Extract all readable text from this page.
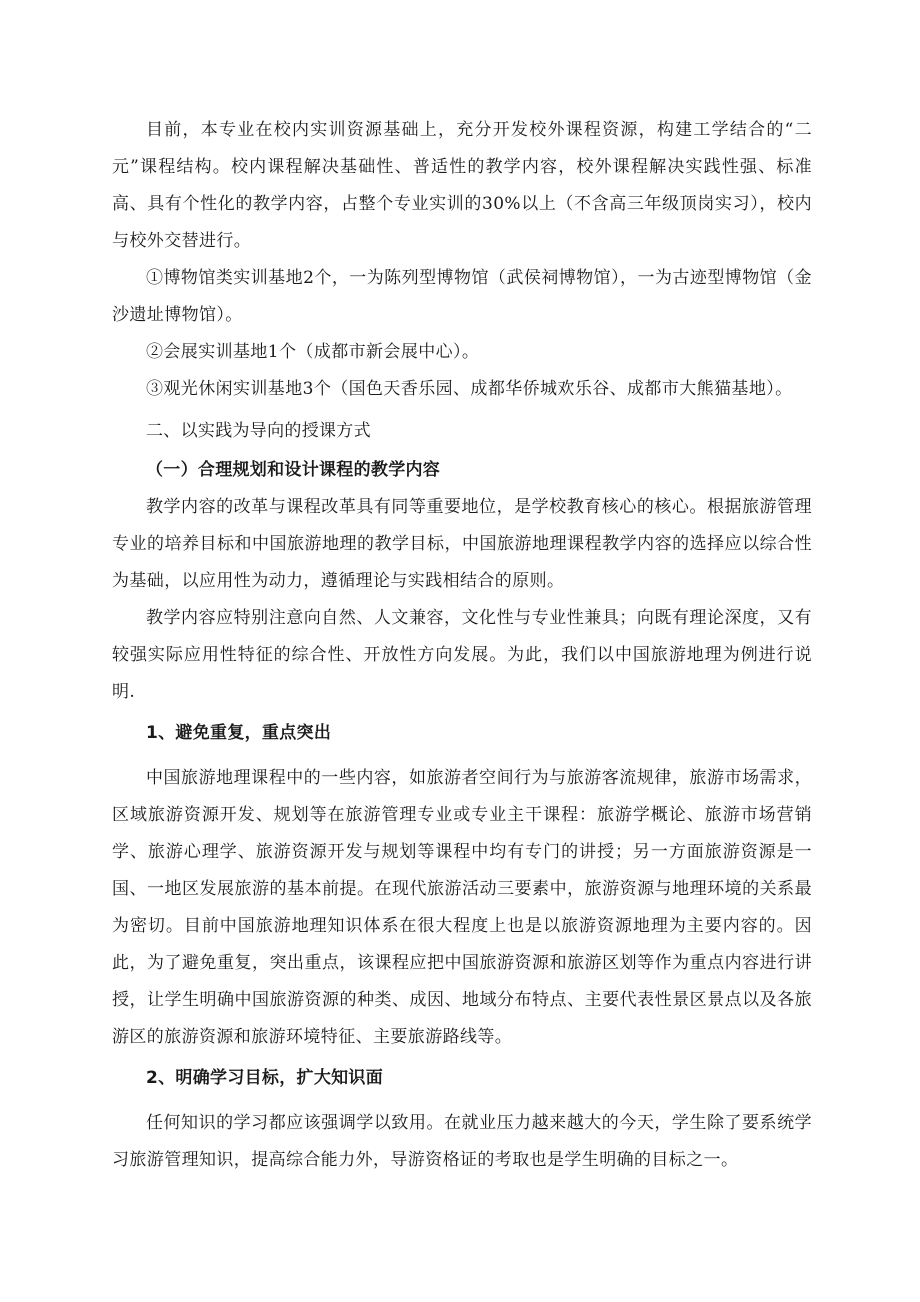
目前，本专业在校内实训资源基础上，充分开发校外课程资源，构建工学结合的“二元”课程结构。校内课程解决基础性、普适性的教学内容，校外课程解决实践性强、标准高、具有个性化的教学内容，占整个专业实训的30%以上（不含高三年级顶岗实习），校内与校外交替进行。

①博物馆类实训基地2个，一为陈列型博物馆（武侯祠博物馆），一为古迹型博物馆（金沙遗址博物馆）。

②会展实训基地1个（成都市新会展中心）。

③观光休闲实训基地3个（国色天香乐园、成都华侨城欢乐谷、成都市大熊猫基地）。

二、以实践为导向的授课方式

（一）合理规划和设计课程的教学内容

教学内容的改革与课程改革具有同等重要地位，是学校教育核心的核心。根据旅游管理专业的培养目标和中国旅游地理的教学目标，中国旅游地理课程教学内容的选择应以综合性为基础，以应用性为动力，遵循理论与实践相结合的原则。

教学内容应特别注意向自然、人文兼容，文化性与专业性兼具；向既有理论深度，又有较强实际应用性特征的综合性、开放性方向发展。为此，我们以中国旅游地理为例进行说明.

1、避免重复，重点突出

中国旅游地理课程中的一些内容，如旅游者空间行为与旅游客流规律，旅游市场需求，区域旅游资源开发、规划等在旅游管理专业或专业主干课程：旅游学概论、旅游市场营销学、旅游心理学、旅游资源开发与规划等课程中均有专门的讲授；另一方面旅游资源是一国、一地区发展旅游的基本前提。在现代旅游活动三要素中，旅游资源与地理环境的关系最为密切。目前中国旅游地理知识体系在很大程度上也是以旅游资源地理为主要内容的。因此，为了避免重复，突出重点，该课程应把中国旅游资源和旅游区划等作为重点内容进行讲授，让学生明确中国旅游资源的种类、成因、地域分布特点、主要代表性景区景点以及各旅游区的旅游资源和旅游环境特征、主要旅游路线等。

2、明确学习目标，扩大知识面

任何知识的学习都应该强调学以致用。在就业压力越来越大的今天，学生除了要系统学习旅游管理知识，提高综合能力外，导游资格证的考取也是学生明确的目标之一。
